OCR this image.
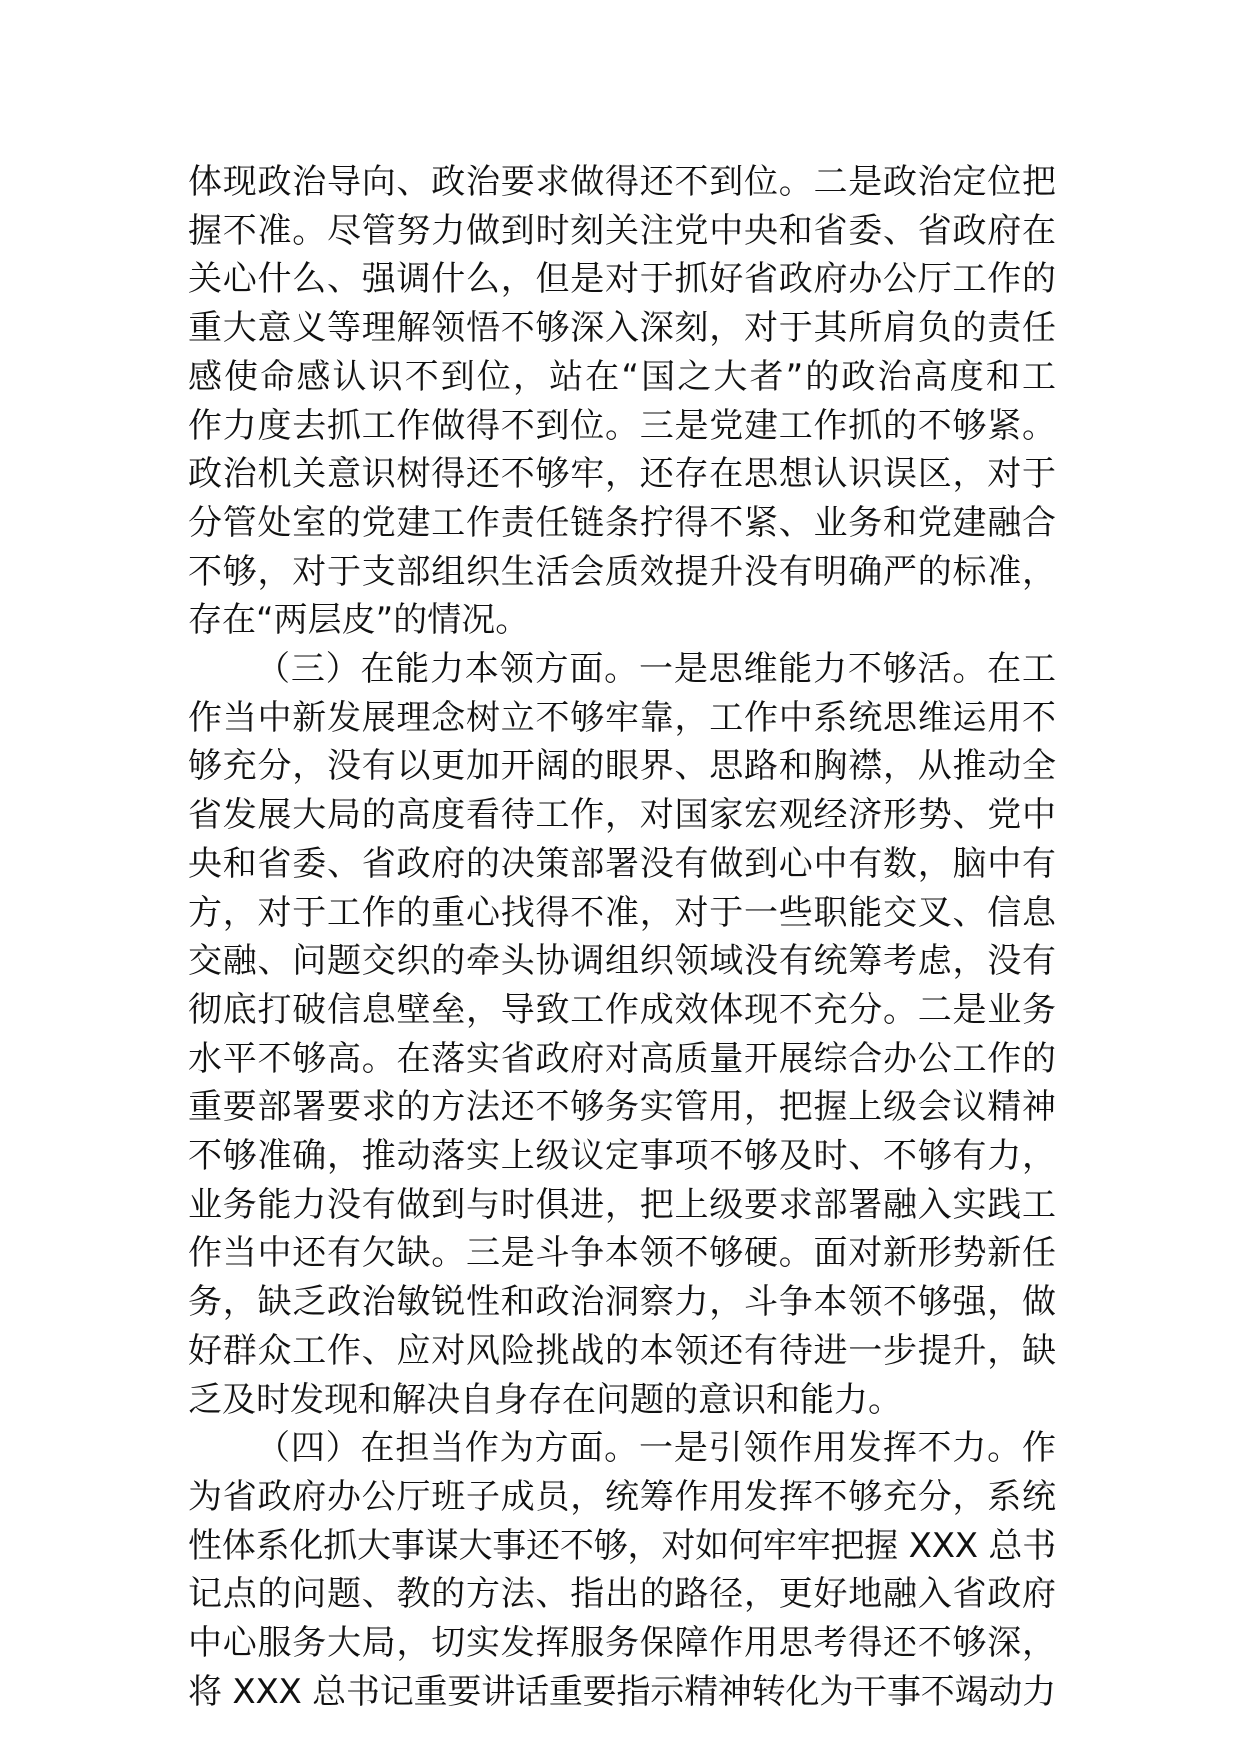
体现政治导向、政治要求做得还不到位。二是政治定位把
握不准。尽管努力做到时刻关注党中央和省委、省政府在
关心什么、强调什么，但是对于抓好省政府办公厅工作的
重大意义等理解领悟不够深入深刻，对于其所肩负的责任
感使命感认识不到位，站在“国之大者”的政治高度和工
作力度去抓工作做得不到位。三是党建工作抓的不够紧。
政治机关意识树得还不够牢，还存在思想认识误区，对于
分管处室的党建工作责任链条拧得不紧、业务和党建融合
不够，对于支部组织生活会质效提升没有明确严的标准，
存在“两层皮”的情况。
（三）在能力本领方面。一是思维能力不够活。在工
作当中新发展理念树立不够牢靠，工作中系统思维运用不
够充分，没有以更加开阔的眼界、思路和胸襟，从推动全
省发展大局的高度看待工作，对国家宏观经济形势、党中
央和省委、省政府的决策部署没有做到心中有数，脑中有
方，对于工作的重心找得不准，对于一些职能交叉、信息
交融、问题交织的牵头协调组织领域没有统筹考虑，没有
彻底打破信息壁垒，导致工作成效体现不充分。二是业务
水平不够高。在落实省政府对高质量开展综合办公工作的
重要部署要求的方法还不够务实管用，把握上级会议精神
不够准确，推动落实上级议定事项不够及时、不够有力，
业务能力没有做到与时俱进，把上级要求部署融入实践工
作当中还有欠缺。三是斗争本领不够硬。面对新形势新任
务，缺乏政治敏锐性和政治洞察力，斗争本领不够强，做
好群众工作、应对风险挑战的本领还有待进一步提升，缺
乏及时发现和解决自身存在问题的意识和能力。
（四）在担当作为方面。一是引领作用发挥不力。作
为省政府办公厅班子成员，统筹作用发挥不够充分，系统
性体系化抓大事谋大事还不够，对如何牢牢把握 XXX 总书
记点的问题、教的方法、指出的路径，更好地融入省政府
中心服务大局，切实发挥服务保障作用思考得还不够深，
将 XXX 总书记重要讲话重要指示精神转化为干事不竭动力
